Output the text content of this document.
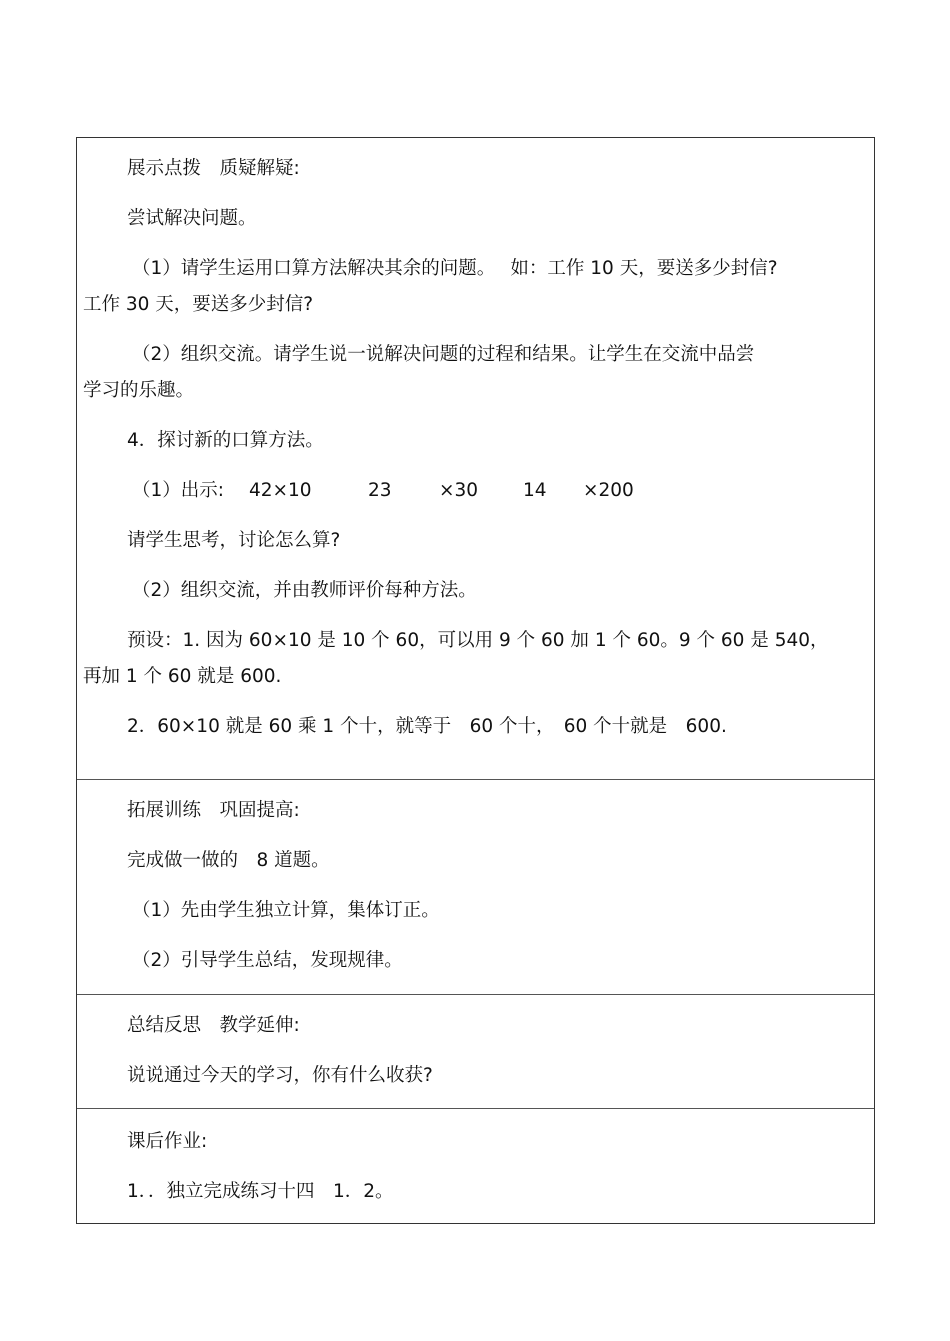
展示点拨　质疑解疑:

尝试解决问题。

（1）请学生运用口算方法解决其余的问题。　 如：工作 10 天，要送多少封信?

工作 30 天，要送多少封信?

（2）组织交流。请学生说一说解决问题的过程和结果。让学生在交流中品尝

学习的乐趣。

4．探讨新的口算方法。

（1）出示: 42×10	23	×30 14 ×200

请学生思考，讨论怎么算?

（2）组织交流，并由教师评价每种方法。

预设：1. 因为 60×10 是 10 个 60，可以用 9 个 60 加 1 个 60。9 个 60 是 540，

再加 1 个 60 就是 600.

2．60×10 就是 60 乘 1 个十，就等于　60 个十，　60 个十就是　600.

拓展训练　巩固提高:

完成做一做的　8 道题。

（1）先由学生独立计算，集体订正。

（2）引导学生总结，发现规律。

总结反思　教学延伸:

说说通过今天的学习，你有什么收获?

课后作业:

1．．独立完成练习十四　1．2。
